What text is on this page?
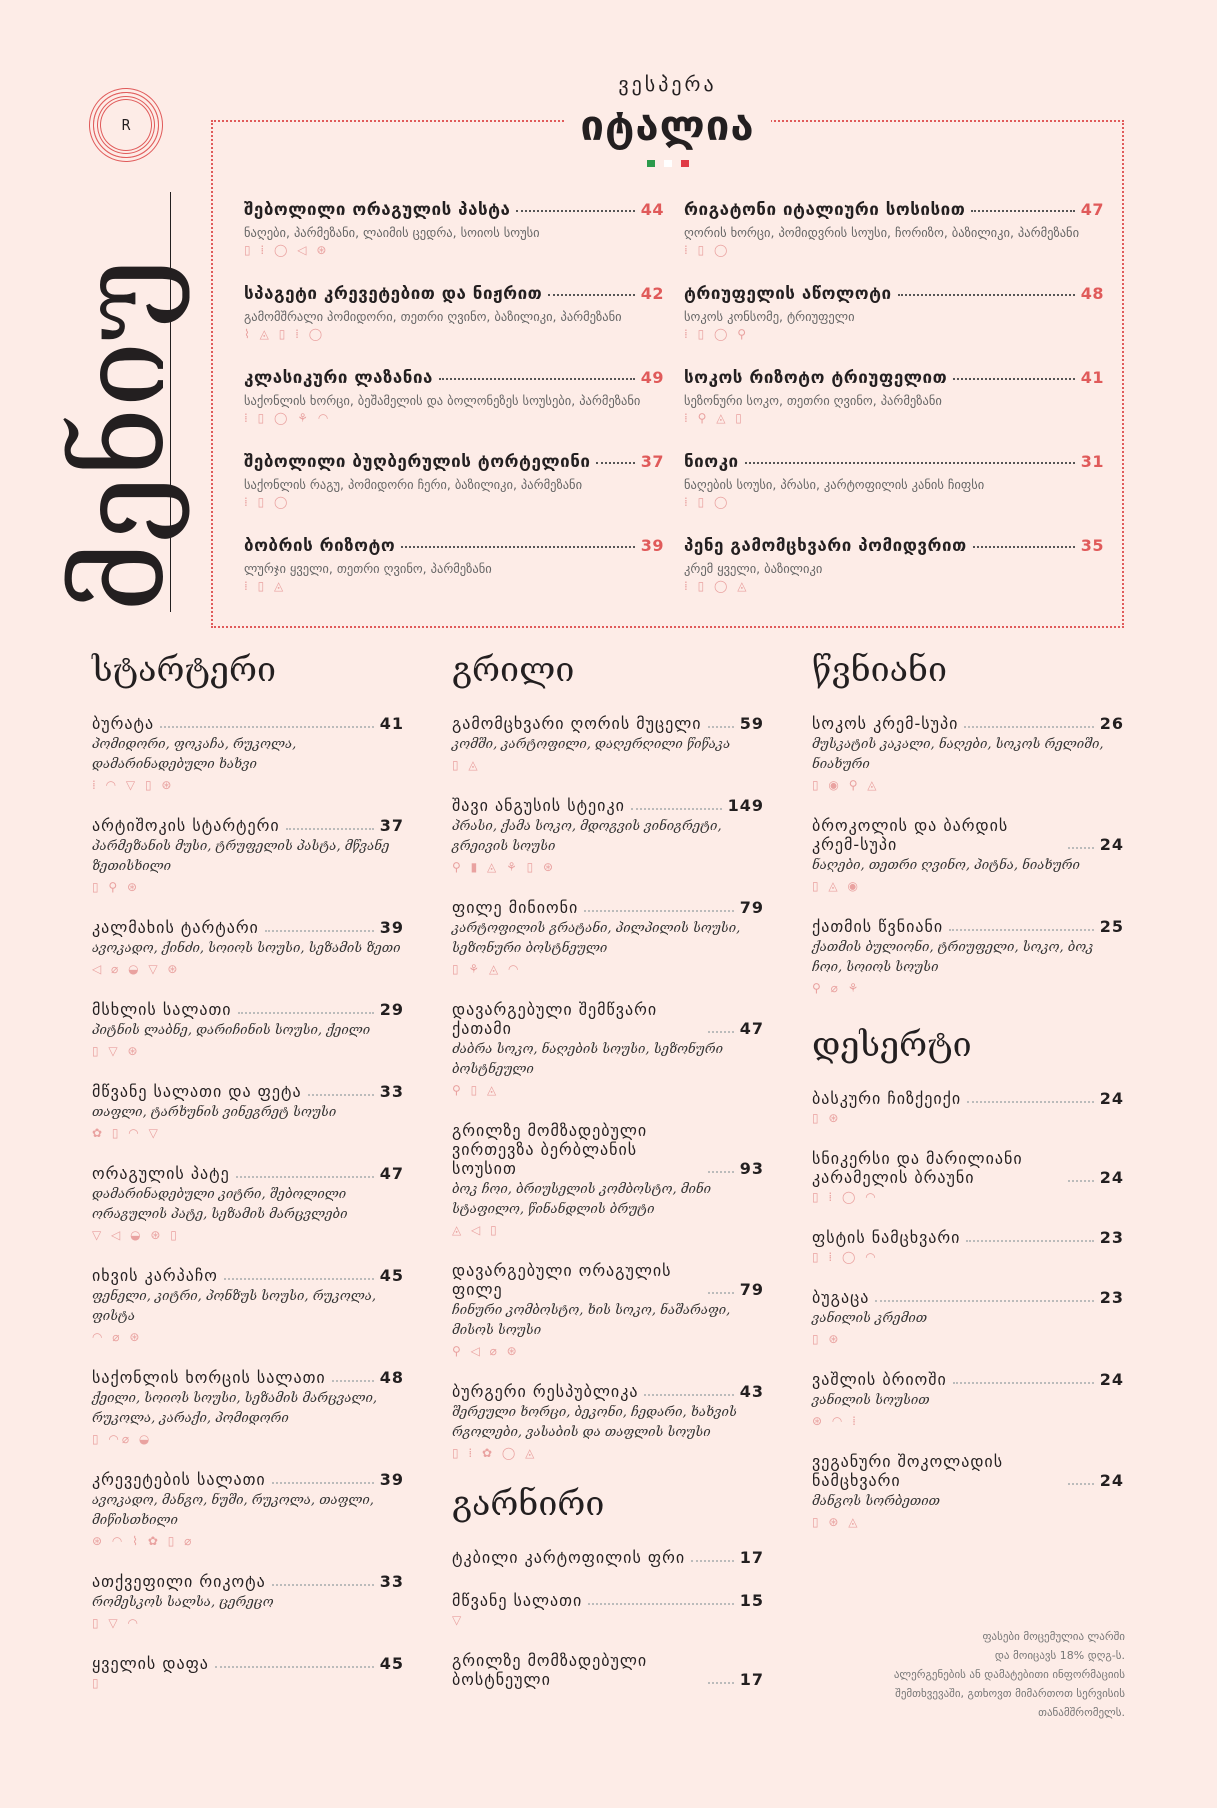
R
მენიუ
ვესპერა
იტალია
შებოლილი ორაგულის პასტა	44
ნაღები, პარმეზანი, ლაიმის ცედრა, სოიოს სოუსი
▯ ⁞ ◯ ◁ ⊛
რიგატონი იტალიური სოსისით	47
ღორის ხორცი, პომიდვრის სოუსი, ჩორიზო, ბაზილიკი, პარმეზანი
⁞ ▯ ◯
სპაგეტი კრევეტებით და ნიჟრით	42
გამომშრალი პომიდორი, თეთრი ღვინო, ბაზილიკი, პარმეზანი
⌇ ◬ ▯ ⁞ ◯
ტრიუფელის აწოლოტი	48
სოკოს კონსომე, ტრიუფელი
⁞ ▯ ◯ ⚲
კლასიკური ლაზანია	49
საქონლის ხორცი, ბეშამელის და ბოლონეზეს სოუსები, პარმეზანი
⁞ ▯ ◯ ⚘ ◠
სოკოს რიზოტო ტრიუფელით	41
სეზონური სოკო, თეთრი ღვინო, პარმეზანი
⁞ ⚲ ◬ ▯
შებოლილი ბუღბერულის ტორტელინი	37
საქონლის რაგუ, პომიდორი ჩერი, ბაზილიკი, პარმეზანი
⁞ ▯ ◯
ნიოკი	31
ნაღების სოუსი, პრასი, კარტოფილის კანის ჩიფსი
⁞ ▯ ◯
ბობრის რიზოტო	39
ლურჯი ყველი, თეთრი ღვინო, პარმეზანი
⁞ ▯ ◬
პენე გამომცხვარი პომიდვრით	35
კრემ ყველი, ბაზილიკი
⁞ ▯ ◯ ◬
სტარტერი
ბურატა	41
პომიდორი, ფოკაჩა, რუკოლა, დამარინადებული ხახვი
⁞ ◠ ▽ ▯ ⊛
არტიშოკის სტარტერი	37
პარმეზანის მუსი, ტრუფელის პასტა, მწვანე ზეთისხილი
▯ ⚲ ⊛
კალმახის ტარტარი	39
ავოკადო, ქინძი, სოიოს სოუსი, სეზამის ზეთი
◁ ⌀ ◒ ▽ ⊛
მსხლის სალათი	29
პიტნის ლაბნე, დარიჩინის სოუსი, ქეილი
▯ ▽ ⊛
მწვანე სალათი და ფეტა	33
თაფლი, ტარხუნის ვინეგრეტ სოუსი
✿ ▯ ◠ ▽
ორაგულის პატე	47
დამარინადებული კიტრი, შებოლილი ორაგულის პატე, სეზამის მარცვლები
▽ ◁ ◒ ⊛ ▯
იხვის კარპაჩო	45
ფენელი, კიტრი, პონზუს სოუსი, რუკოლა, ფისტა
◠ ⌀ ⊛
საქონლის ხორცის სალათი	48
ქეილი, სოიოს სოუსი, სეზამის მარცვალი, რუკოლა, კარაქი, პომიდორი
▯ ◠⌀ ◒
კრევეტების სალათი	39
ავოკადო, მანგო, ნუში, რუკოლა, თაფლი, მიწისთხილი
⊛ ◠ ⌇ ✿ ▯ ⌀
ათქვეფილი რიკოტა	33
რომესკოს სალსა, ცერეცო
▯ ▽ ◠
ყველის დაფა	45
▯
გრილი
გამომცხვარი ღორის მუცელი 59
კომში, კარტოფილი, დაღერღილი წიწაკა
▯ ◬
შავი ანგუსის სტეიკი	149
პრასი, ქამა სოკო, მდოგვის ვინიგრეტი, გრეივის სოუსი
⚲ ▮ ◬ ⚘ ▯ ⊛
ფილე მინიონი	79
კარტოფილის გრატანი, პილპილის სოუსი, სეზონური ბოსტნეული
▯ ⚘ ◬ ◠
დავარგებული შემწვარი ქათამი	47
ძაბრა სოკო, ნაღების სოუსი, სეზონური ბოსტნეული
⚲ ▯ ◬
გრილზე მომზადებული ვირთევზა ბერბლანის სოუსით	93
ბოკ ჩოი, ბრიუსელის კომბოსტო, მინი სტაფილო, წინანდლის ბრუტი
◬ ◁ ▯
დავარგებული ორაგულის ფილე	79
ჩინური კომბოსტო, ხის სოკო, ნაშარაფი, მისოს სოუსი
⚲ ◁ ⌀ ⊛
ბურგერი რესპუბლიკა	43
შერეული ხორცი, ბეკონი, ჩედარი, ხახვის რგოლები, ვასაბის და თაფლის სოუსი
▯ ⁞ ✿ ◯ ◬
გარნირი
ტკბილი კარტოფილის ფრი	17
მწვანე სალათი	15
▽
გრილზე მომზადებული ბოსტნეული	17
წვნიანი
სოკოს კრემ-სუპი	26
მუსკატის კაკალი, ნაღები, სოკოს რელიში, ნიახური
▯ ◉ ⚲ ◬
ბროკოლის და ბარდის კრემ-სუპი	24
ნაღები, თეთრი ღვინო, პიტნა, ნიახური
▯ ◬ ◉
ქათმის წვნიანი	25
ქათმის ბულიონი, ტრიუფელი, სოკო, ბოკ ჩოი, სოიოს სოუსი
⚲ ⌀ ⚘
დესერტი
ბასკური ჩიზქეიქი	24
▯ ⊛
სნიკერსი და მარილიანი კარამელის ბრაუნი	24
▯ ⁞ ◯ ◠
ფსტის ნამცხვარი	23
▯ ⁞ ◯ ◠
ბუგაცა	23
ვანილის კრემით
▯ ⊛
ვაშლის ბრიოში	24
ვანილის სოუსით
⊛ ◠ ⁞
ვეგანური შოკოლადის ნამცხვარი	24
მანგოს სორბეთით
▯ ⊛ ◬
ფასები მოცემულია ლარში
და მოიცავს 18% დღგ-ს.
ალერგენების ან დამატებითი ინფორმაციის
შემთხვევაში, გთხოვთ მიმართოთ სერვისის
თანამშრომელს.
